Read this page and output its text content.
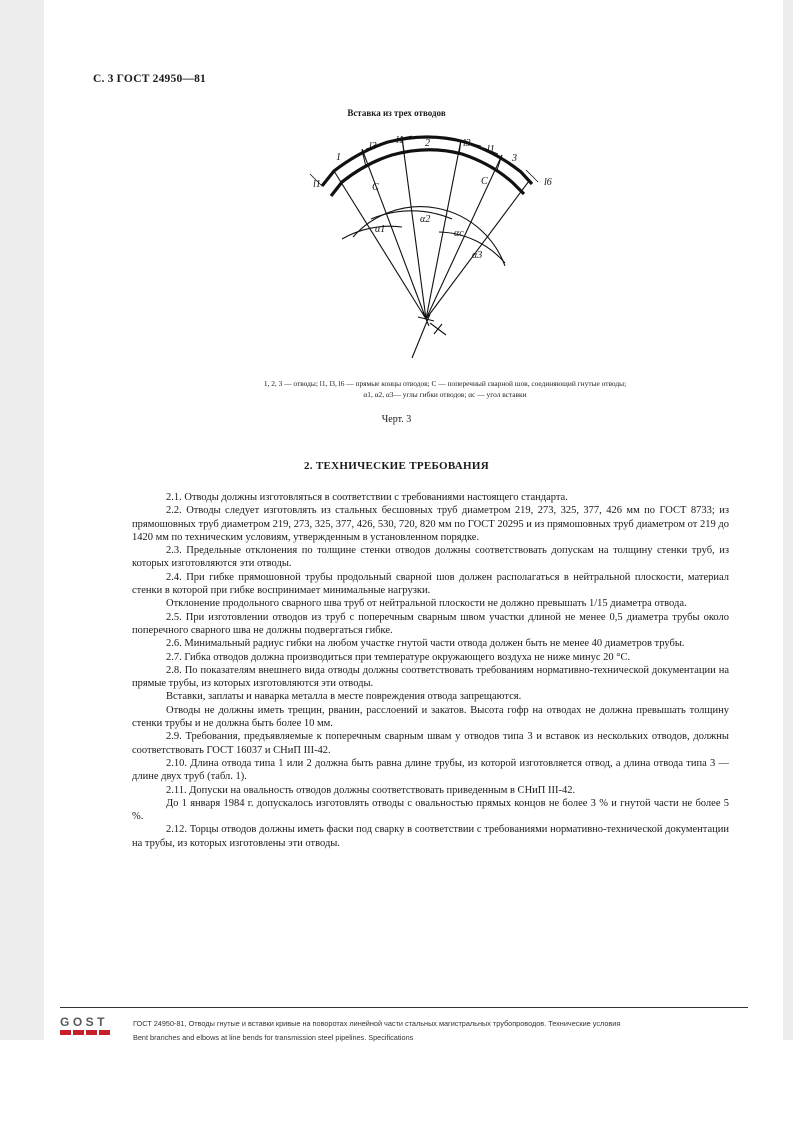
С. 3 ГОСТ 24950—81
Вставка из трех отводов
1
2
3
l1
l3
l1	l3
l1
l6
C
C
α1
α2
αc
α3
1, 2, 3 — отводы; l1, l3, l6 — прямые концы отводов; C — поперечный сварной шов, соединяющий гнутые отводы;
α1, α2, α3— углы гибки отводов; αс — угол вставки
Черт. 3
2. ТЕХНИЧЕСКИЕ ТРЕБОВАНИЯ

2.1. Отводы должны изготовляться в соответствии с требованиями настоящего стандарта.

2.2. Отводы следует изготовлять из стальных бесшовных труб диаметром 219, 273, 325, 377, 426 мм по ГОСТ 8733; из прямошовных труб диаметром 219, 273, 325, 377, 426, 530, 720, 820 мм по ГОСТ 20295 и из прямошовных труб диаметром от 219 до 1420 мм по техническим условиям, утвержденным в установленном порядке.

2.3. Предельные отклонения по толщине стенки отводов должны соответствовать допускам на толщину стенки труб, из которых изготовляются эти отводы.

2.4. При гибке прямошовной трубы продольный сварной шов должен располагаться в нейтральной плоскости, материал стенки в которой при гибке воспринимает минимальные нагрузки.

Отклонение продольного сварного шва труб от нейтральной плоскости не должно превышать 1/15 диаметра отвода.

2.5. При изготовлении отводов из труб с поперечным сварным швом участки длиной не менее 0,5 диаметра трубы около поперечного сварного шва не должны подвергаться гибке.

2.6. Минимальный радиус гибки на любом участке гнутой части отвода должен быть не менее 40 диаметров трубы.

2.7. Гибка отводов должна производиться при температуре окружающего воздуха не ниже минус 20 °С.

2.8. По показателям внешнего вида отводы должны соответствовать требованиям нормативно-технической документации на прямые трубы, из которых изготовляются эти отводы.

Вставки, заплаты и наварка металла в месте повреждения отвода запрещаются.

Отводы не должны иметь трещин, рванин, расслоений и закатов. Высота гофр на отводах не должна превышать толщину стенки трубы и не должна быть более 10 мм.

2.9. Требования, предъявляемые к поперечным сварным швам у отводов типа 3 и вставок из нескольких отводов, должны соответствовать ГОСТ 16037 и СНиП III-42.

2.10. Длина отвода типа 1 или 2 должна быть равна длине трубы, из которой изготовляется отвод, а длина отвода типа 3 — длине двух труб (табл. 1).

2.11. Допуски на овальность отводов должны соответствовать приведенным в СНиП III-42.

До 1 января 1984 г. допускалось изготовлять отводы с овальностью прямых концов не более 3 % и гнутой части не более 5 %.

2.12. Торцы отводов должны иметь фаски под сварку в соответствии с требованиями нормативно-технической документации на трубы, из которых изготовлены эти отводы.

GOST	ГОСТ 24950-81, Отводы гнутые и вставки кривые на поворотах линейной части стальных магистральных трубопроводов. Технические условия
Bent branches and elbows at line bends for transmission steel pipelines. Specifications
